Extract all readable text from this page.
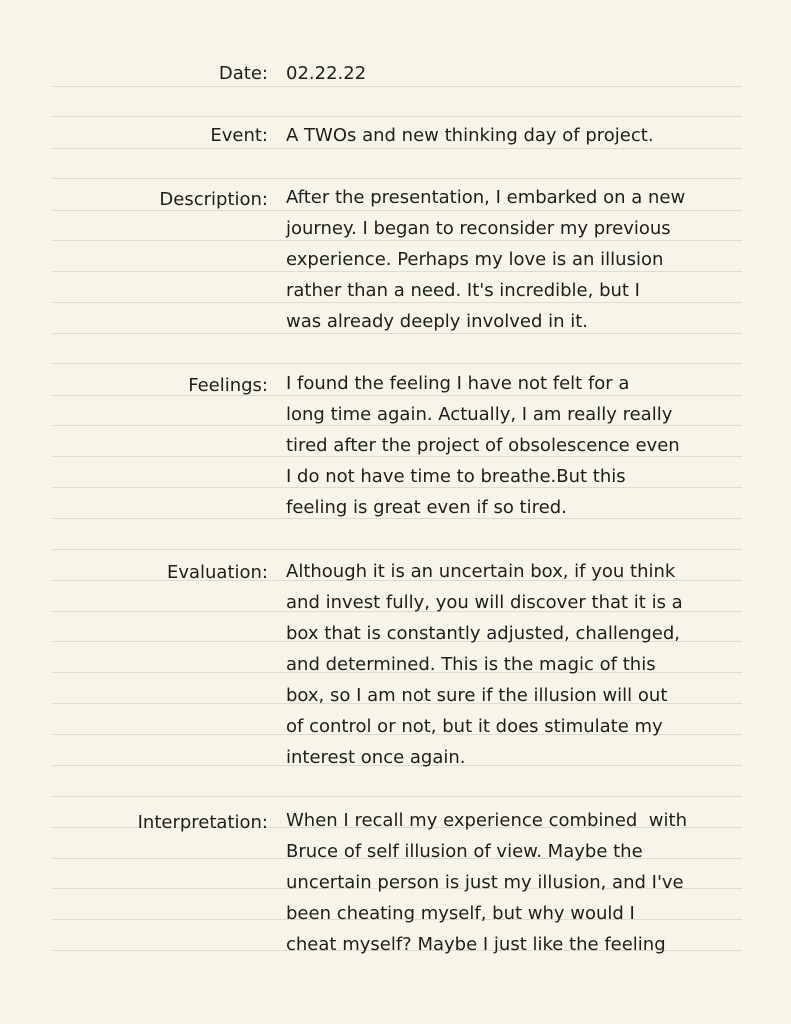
Date: 02.22.22
Event: A TWOs and new thinking day of project.
Description: After the presentation, I embarked on a new
journey. I began to reconsider my previous
experience. Perhaps my love is an illusion
rather than a need. It's incredible, but I
was already deeply involved in it.
Feelings: I found the feeling I have not felt for a
long time again. Actually, I am really really
tired after the project of obsolescence even
I do not have time to breathe.But this
feeling is great even if so tired.
Evaluation: Although it is an uncertain box, if you think
and invest fully, you will discover that it is a
box that is constantly adjusted, challenged,
and determined. This is the magic of this
box, so I am not sure if the illusion will out
of control or not, but it does stimulate my
interest once again.
Interpretation: When I recall my experience combined  with
Bruce of self illusion of view. Maybe the
uncertain person is just my illusion, and I've
been cheating myself, but why would I
cheat myself? Maybe I just like the feeling
